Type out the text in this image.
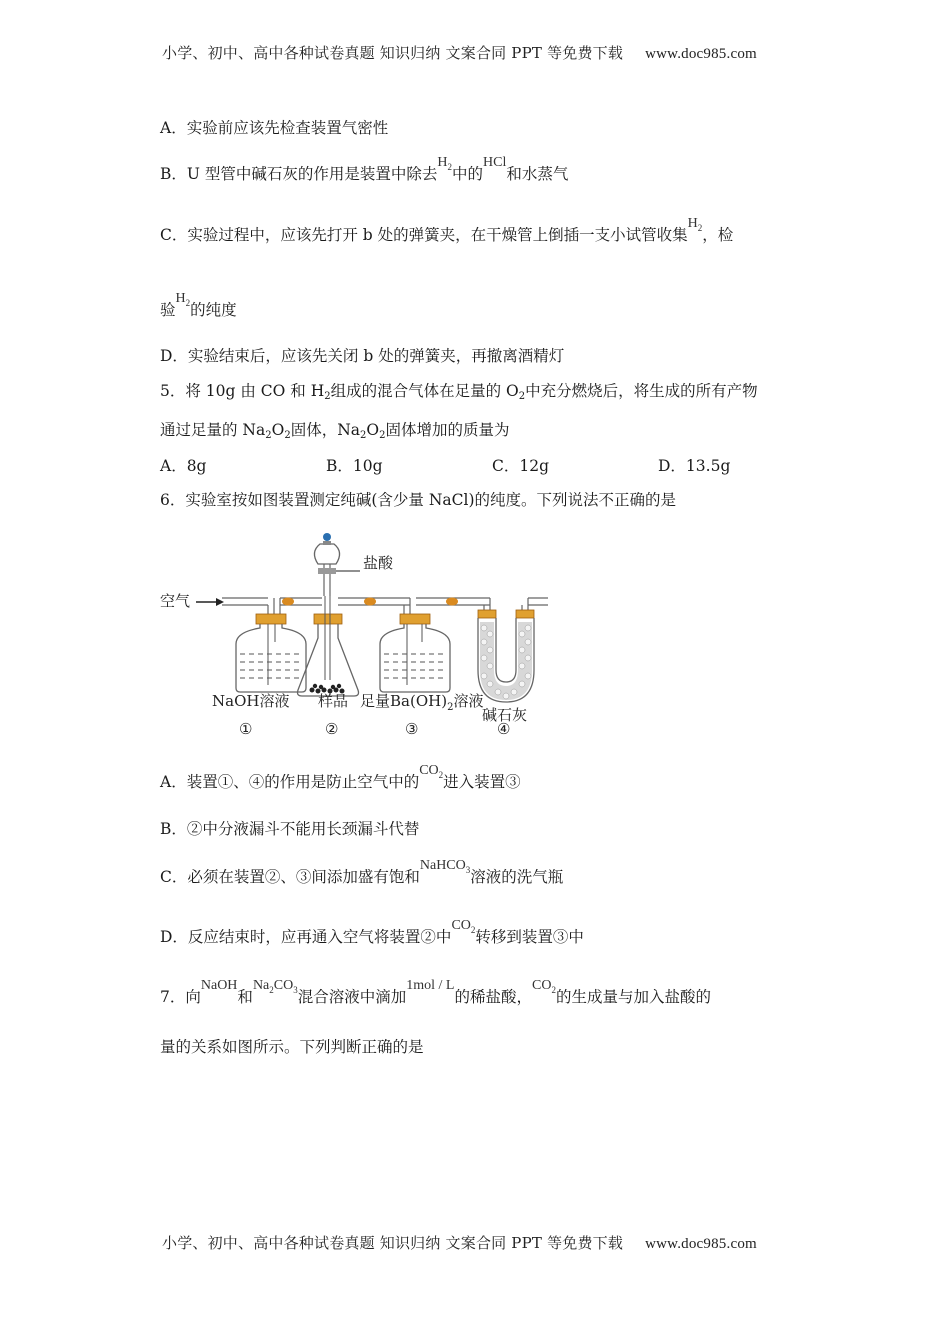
小学、初中、高中各种试卷真题 知识归纳 文案合同 PPT 等免费下载 www.doc985.com
A．实验前应该先检查装置气密性
B．U 型管中碱石灰的作用是装置中除去$H_2$中的HCl和水蒸气
C．实验过程中，应该先打开 b 处的弹簧夹，在干燥管上倒插一支小试管收集$H_2$，检
验$H_2$的纯度
D．实验结束后，应该先关闭 b 处的弹簧夹，再撤离酒精灯
5．将 10g 由 CO 和 $H_2$组成的混合气体在足量的 $O_2$中充分燃烧后，将生成的所有产物
通过足量的 $Na_2O_2$固体，$Na_2O_2$固体增加的质量为
A．8g	B．10g	C．12g	D．13.5g
6．实验室按如图装置测定纯碱(含少量 NaCl)的纯度。下列说法不正确的是
空气
盐酸
NaOH溶液 样品 足量$Ba(OH)_2$溶液
碱石灰
①	②	③	④
A．装置①、④的作用是防止空气中的$CO_2$进入装置③
B．②中分液漏斗不能用长颈漏斗代替
C．必须在装置②、③间添加盛有饱和NaHCO$_3$溶液的洗气瓶
D．反应结束时，应再通入空气将装置②中$CO_2$转移到装置③中
7．向NaOH和$Na_2CO_3$混合溶液中滴加1mol / L的稀盐酸，$CO_2$的生成量与加入盐酸的
量的关系如图所示。下列判断正确的是
小学、初中、高中各种试卷真题 知识归纳 文案合同 PPT 等免费下载 www.doc985.com
